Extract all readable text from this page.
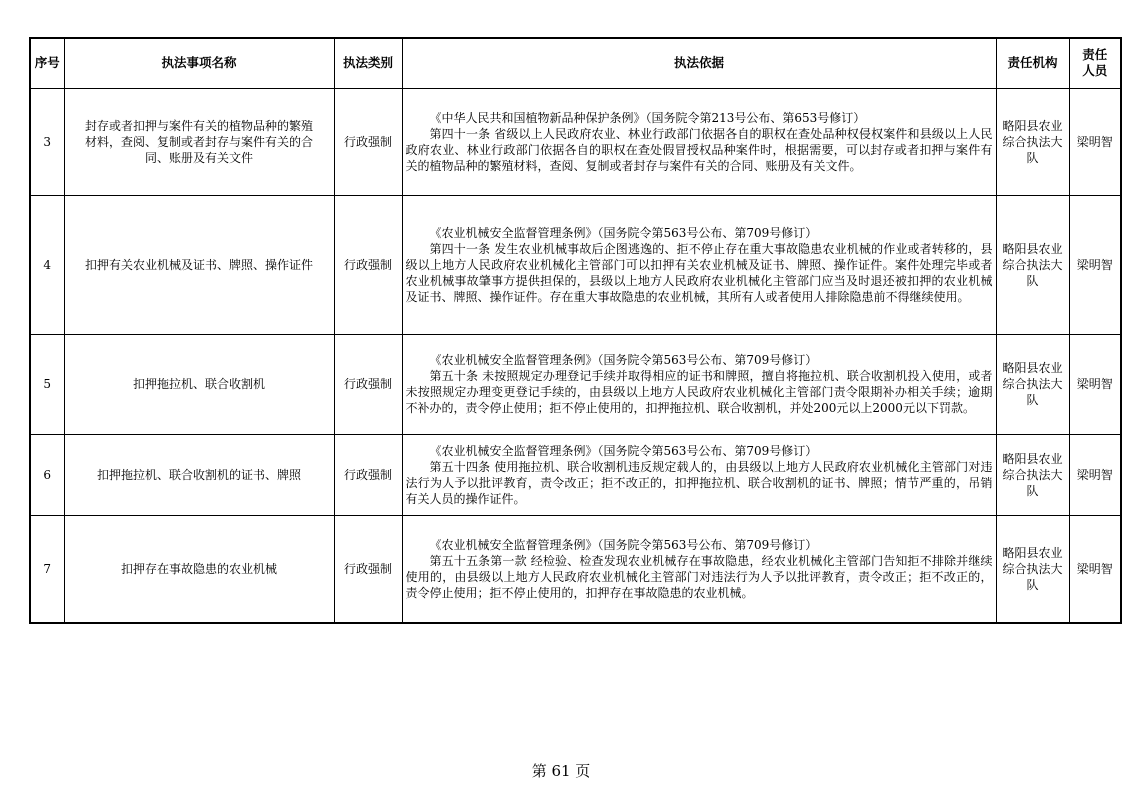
序号	执法事项名称	执法类别	执法依据	责任机构	责任人员
3	封存或者扣押与案件有关的植物品种的繁殖材料，查阅、复制或者封存与案件有关的合同、账册及有关文件	行政强制	《中华人民共和国植物新品种保护条例》（国务院令第213号公布、第653号修订）
第四十一条 省级以上人民政府农业、林业行政部门依据各自的职权在查处品种权侵权案件和县级以上人民政府农业、林业行政部门依据各自的职权在查处假冒授权品种案件时，根据需要，可以封存或者扣押与案件有关的植物品种的繁殖材料，查阅、复制或者封存与案件有关的合同、账册及有关文件。	略阳县农业综合执法大队	梁明智
4	扣押有关农业机械及证书、牌照、操作证件	行政强制	《农业机械安全监督管理条例》（国务院令第563号公布、第709号修订）
第四十一条 发生农业机械事故后企图逃逸的、拒不停止存在重大事故隐患农业机械的作业或者转移的，县级以上地方人民政府农业机械化主管部门可以扣押有关农业机械及证书、牌照、操作证件。案件处理完毕或者农业机械事故肇事方提供担保的，县级以上地方人民政府农业机械化主管部门应当及时退还被扣押的农业机械及证书、牌照、操作证件。存在重大事故隐患的农业机械，其所有人或者使用人排除隐患前不得继续使用。	略阳县农业综合执法大队	梁明智
5	扣押拖拉机、联合收割机	行政强制	《农业机械安全监督管理条例》（国务院令第563号公布、第709号修订）
第五十条 未按照规定办理登记手续并取得相应的证书和牌照，擅自将拖拉机、联合收割机投入使用，或者未按照规定办理变更登记手续的，由县级以上地方人民政府农业机械化主管部门责令限期补办相关手续；逾期不补办的，责令停止使用；拒不停止使用的，扣押拖拉机、联合收割机，并处200元以上2000元以下罚款。	略阳县农业综合执法大队	梁明智
6	扣押拖拉机、联合收割机的证书、牌照	行政强制	《农业机械安全监督管理条例》（国务院令第563号公布、第709号修订）
第五十四条 使用拖拉机、联合收割机违反规定载人的，由县级以上地方人民政府农业机械化主管部门对违法行为人予以批评教育，责令改正；拒不改正的，扣押拖拉机、联合收割机的证书、牌照；情节严重的，吊销有关人员的操作证件。	略阳县农业综合执法大队	梁明智
7	扣押存在事故隐患的农业机械	行政强制	《农业机械安全监督管理条例》（国务院令第563号公布、第709号修订）
第五十五条第一款 经检验、检查发现农业机械存在事故隐患，经农业机械化主管部门告知拒不排除并继续使用的，由县级以上地方人民政府农业机械化主管部门对违法行为人予以批评教育，责令改正；拒不改正的，责令停止使用；拒不停止使用的，扣押存在事故隐患的农业机械。	略阳县农业综合执法大队	梁明智
第 61 页
